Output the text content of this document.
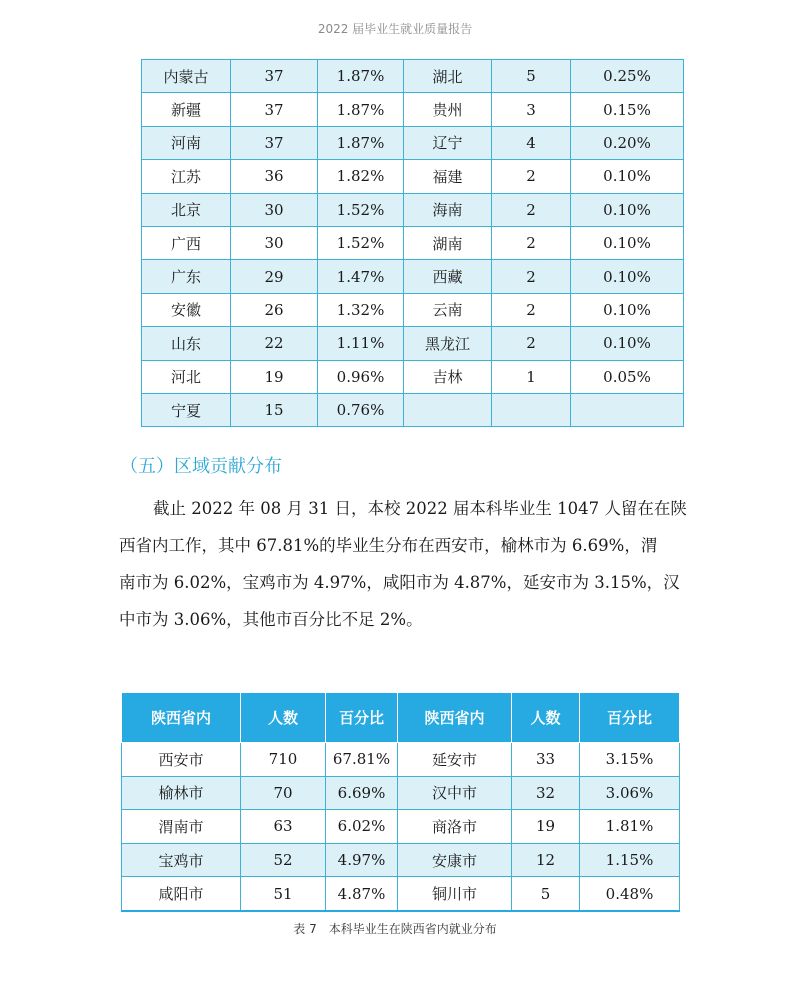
2022 届毕业生就业质量报告
内蒙古	37	1.87%	湖北	5	0.25%
新疆	37	1.87%	贵州	3	0.15%
河南	37	1.87%	辽宁	4	0.20%
江苏	36	1.82%	福建	2	0.10%
北京	30	1.52%	海南	2	0.10%
广西	30	1.52%	湖南	2	0.10%
广东	29	1.47%	西藏	2	0.10%
安徽	26	1.32%	云南	2	0.10%
山东	22	1.11%	黑龙江	2	0.10%
河北	19	0.96%	吉林	1	0.05%
宁夏	15	0.76%			
（五）区域贡献分布
截止 2022 年 08 月 31 日，本校 2022 届本科毕业生 1047 人留在在陕
西省内工作，其中 67.81%的毕业生分布在西安市，榆林市为 6.69%，渭
南市为 6.02%，宝鸡市为 4.97%，咸阳市为 4.87%，延安市为 3.15%，汉
中市为 3.06%，其他市百分比不足 2%。
陕西省内	人数	百分比	陕西省内	人数	百分比
西安市	710	67.81%	延安市	33	3.15%
榆林市	70	6.69%	汉中市	32	3.06%
渭南市	63	6.02%	商洛市	19	1.81%
宝鸡市	52	4.97%	安康市	12	1.15%
咸阳市	51	4.87%	铜川市	5	0.48%
表 7　本科毕业生在陕西省内就业分布
